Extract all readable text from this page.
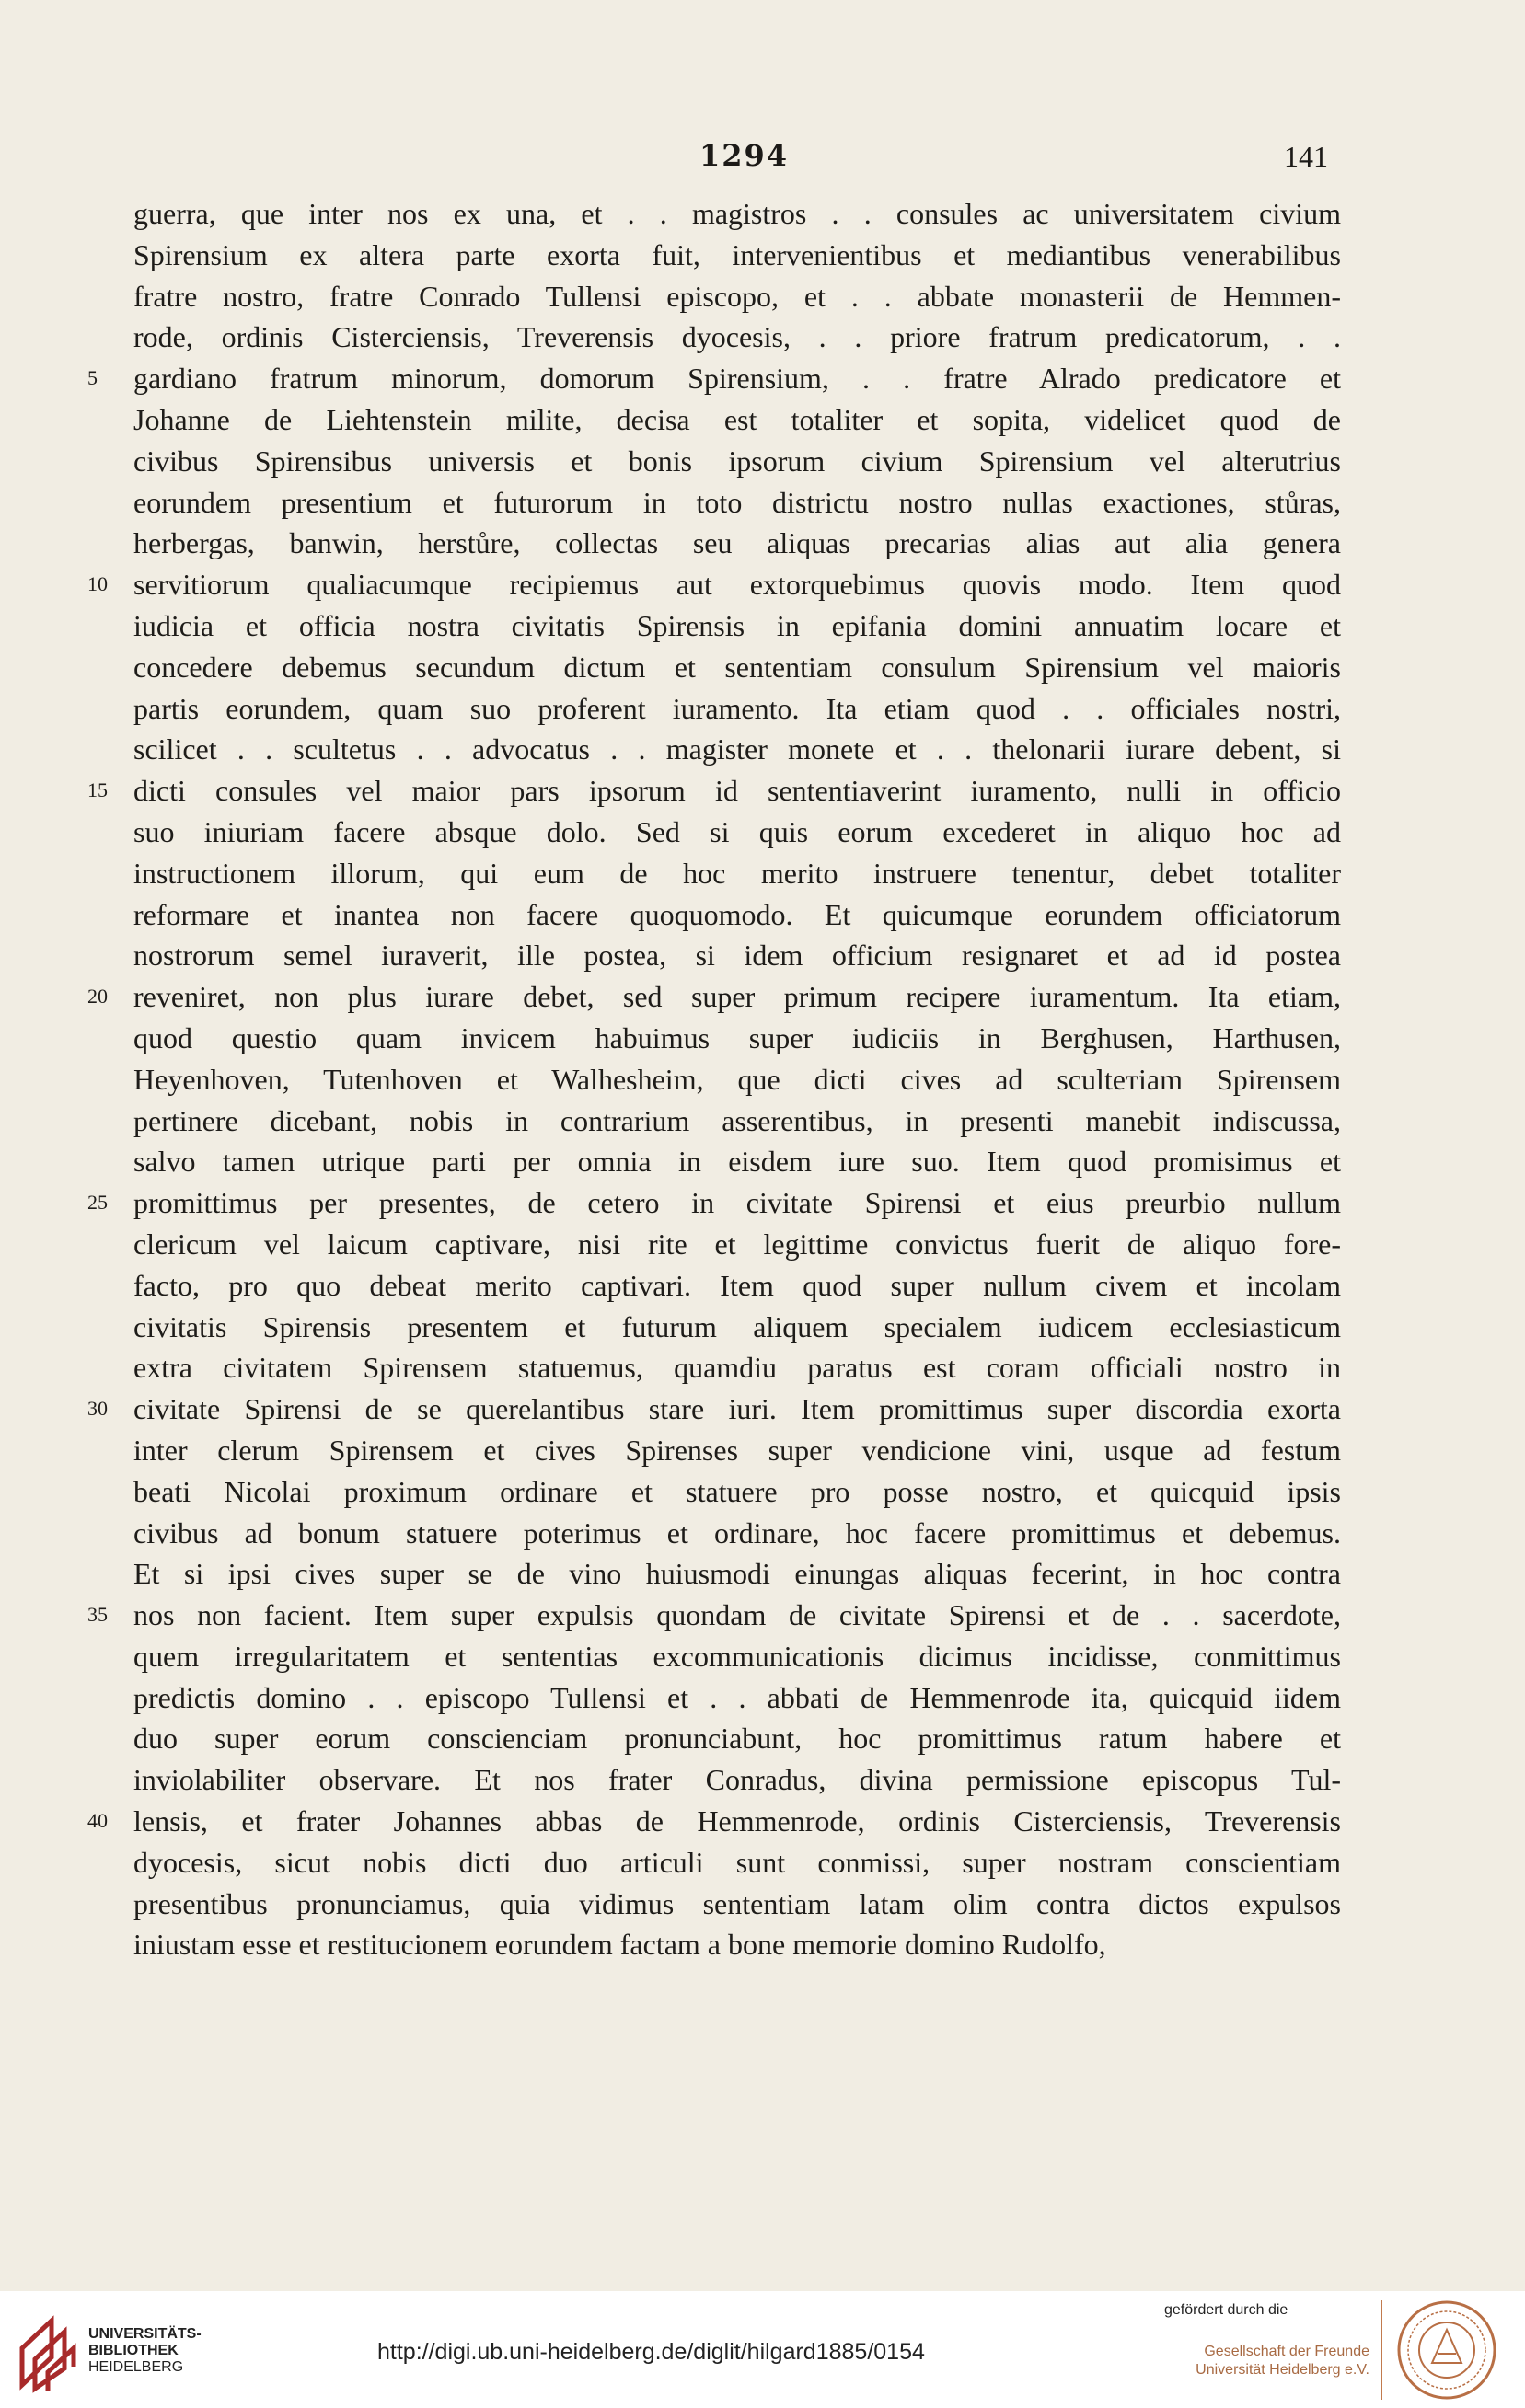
1294	141
guerra, que inter nos ex una, et . . magistros . . consules ac universitatem civium
Spirensium ex altera parte exorta fuit, intervenientibus et mediantibus venerabilibus
fratre nostro, fratre Conrado Tullensi episcopo, et . . abbate monasterii de Hemmen-
rode, ordinis Cisterciensis, Treverensis dyocesis, . . priore fratrum predicatorum, . .
5	gardiano fratrum minorum, domorum Spirensium, . . fratre Alrado predicatore et
Johanne de Liehtenstein milite, decisa est totaliter et sopita, videlicet quod de
civibus Spirensibus universis et bonis ipsorum civium Spirensium vel alterutrius
eorundem presentium et futurorum in toto districtu nostro nullas exactiones, stůras,
herbergas, banwin, herstůre, collectas seu aliquas precarias alias aut alia genera
10 servitiorum qualiacumque recipiemus aut extorquebimus quovis modo. Item quod
iudicia et officia nostra civitatis Spirensis in epifania domini annuatim locare et
concedere debemus secundum dictum et sententiam consulum Spirensium vel maioris
partis eorundem, quam suo proferent iuramento. Ita etiam quod . . officiales nostri,
scilicet . . scultetus . . advocatus . . magister monete et . . thelonarii iurare debent, si
15 dicti consules vel maior pars ipsorum id sententiaverint iuramento, nulli in officio
suo iniuriam facere absque dolo. Sed si quis eorum excederet in aliquo hoc ad
instructionem illorum, qui eum de hoc merito instruere tenentur, debet totaliter
reformare et inantea non facere quoquomodo. Et quicumque eorundem officiatorum
nostrorum semel iuraverit, ille postea, si idem officium resignaret et ad id postea
20 reveniret, non plus iurare debet, sed super primum recipere iuramentum. Ita etiam,
quod questio quam invicem habuimus super iudiciis in Berghusen, Harthusen,
Heyenhoven, Tutenhoven et Walhesheim, que dicti cives ad sculteтiam Spirensem
pertinere dicebant, nobis in contrarium asserentibus, in presenti manebit indiscussa,
salvo tamen utrique parti per omnia in eisdem iure suo. Item quod promisimus et
25 promittimus per presentes, de cetero in civitate Spirensi et eius preurbio nullum
clericum vel laicum captivare, nisi rite et legittime convictus fuerit de aliquo fore-
facto, pro quo debeat merito captivari. Item quod super nullum civem et incolam
civitatis Spirensis presentem et futurum aliquem specialem iudicem ecclesiasticum
extra civitatem Spirensem statuemus, quamdiu paratus est coram officiali nostro in
30 civitate Spirensi de se querelantibus stare iuri. Item promittimus super discordia exorta
inter clerum Spirensem et cives Spirenses super vendicione vini, usque ad festum
beati Nicolai proximum ordinare et statuere pro posse nostro, et quicquid ipsis
civibus ad bonum statuere poterimus et ordinare, hoc facere promittimus et debemus.
Et si ipsi cives super se de vino huiusmodi einungas aliquas fecerint, in hoc contra
35 nos non facient. Item super expulsis quondam de civitate Spirensi et de . . sacerdote,
quem irregularitatem et sententias excommunicationis dicimus incidisse, conmittimus
predictis domino . . episcopo Tullensi et . . abbati de Hemmenrode ita, quicquid iidem
duo super eorum conscienciam pronunciabunt, hoc promittimus ratum habere et
inviolabiliter observare. Et nos frater Conradus, divina permissione episcopus Tul-
40 lensis, et frater Johannes abbas de Hemmenrode, ordinis Cisterciensis, Treverensis
dyocesis, sicut nobis dicti duo articuli sunt conmissi, super nostram conscientiam
presentibus pronunciamus, quia vidimus sententiam latam olim contra dictos expulsos
iniustam esse et restitucionem eorundem factam a bone memorie domino Rudolfo,
UNIVERSITÄTS-
BIBLIOTHEK
HEIDELBERG
http://digi.ub.uni-heidelberg.de/diglit/hilgard1885/0154
gefördert durch die
Gesellschaft der Freunde
Universität Heidelberg e.V.
